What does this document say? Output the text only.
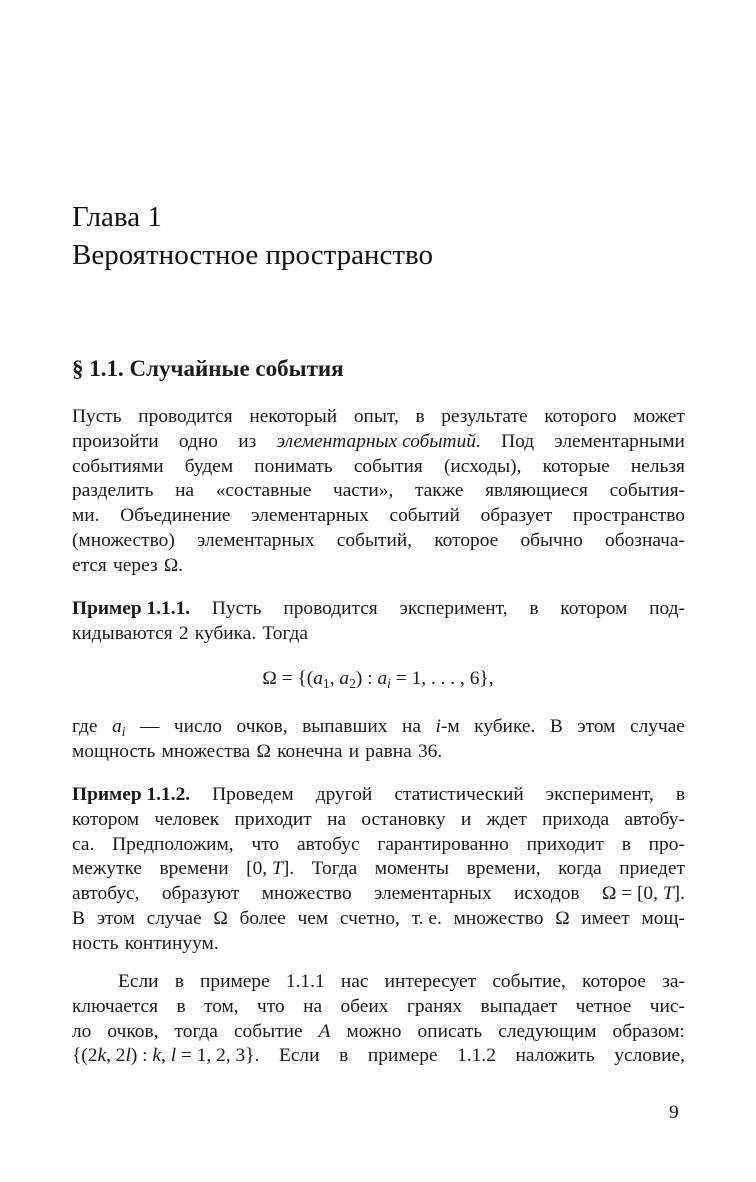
Глава 1
Вероятностное пространство
§ 1.1. Случайные события
Пусть проводится некоторый опыт, в результате которого может
произойти одно из элементарных событий. Под элементарными
событиями будем понимать события (исходы), которые нельзя
разделить на «составные части», также являющиеся события-
ми. Объединение элементарных событий образует пространство
(множество) элементарных событий, которое обычно обознача-
ется через Ω.
Пример 1.1.1. Пусть проводится эксперимент, в котором под-
кидываются 2 кубика. Тогда
$\Omega = \{(a_1$, $a_2$) : $a_i = 1$, . . . , 6},
где $a_i$ — число очков, выпавших на i-м кубике. В этом случае
мощность множества Ω конечна и равна 36.
Пример 1.1.2. Проведем другой статистический эксперимент, в
котором человек приходит на остановку и ждет прихода автобу-
са. Предположим, что автобус гарантированно приходит в про-
межутке времени [0, T]. Тогда моменты времени, когда приедет
автобус, образуют множество элементарных исходов Ω = [0, T].
В этом случае Ω более чем счетно, т. е. множество Ω имеет мощ-
ность континуум.
Если в примере 1.1.1 нас интересует событие, которое за-
ключается в том, что на обеих гранях выпадает четное чис-
ло очков, тогда событие A можно описать следующим образом:
{(2k, 2l) : k, l = 1, 2, 3}. Если в примере 1.1.2 наложить условие,
9
